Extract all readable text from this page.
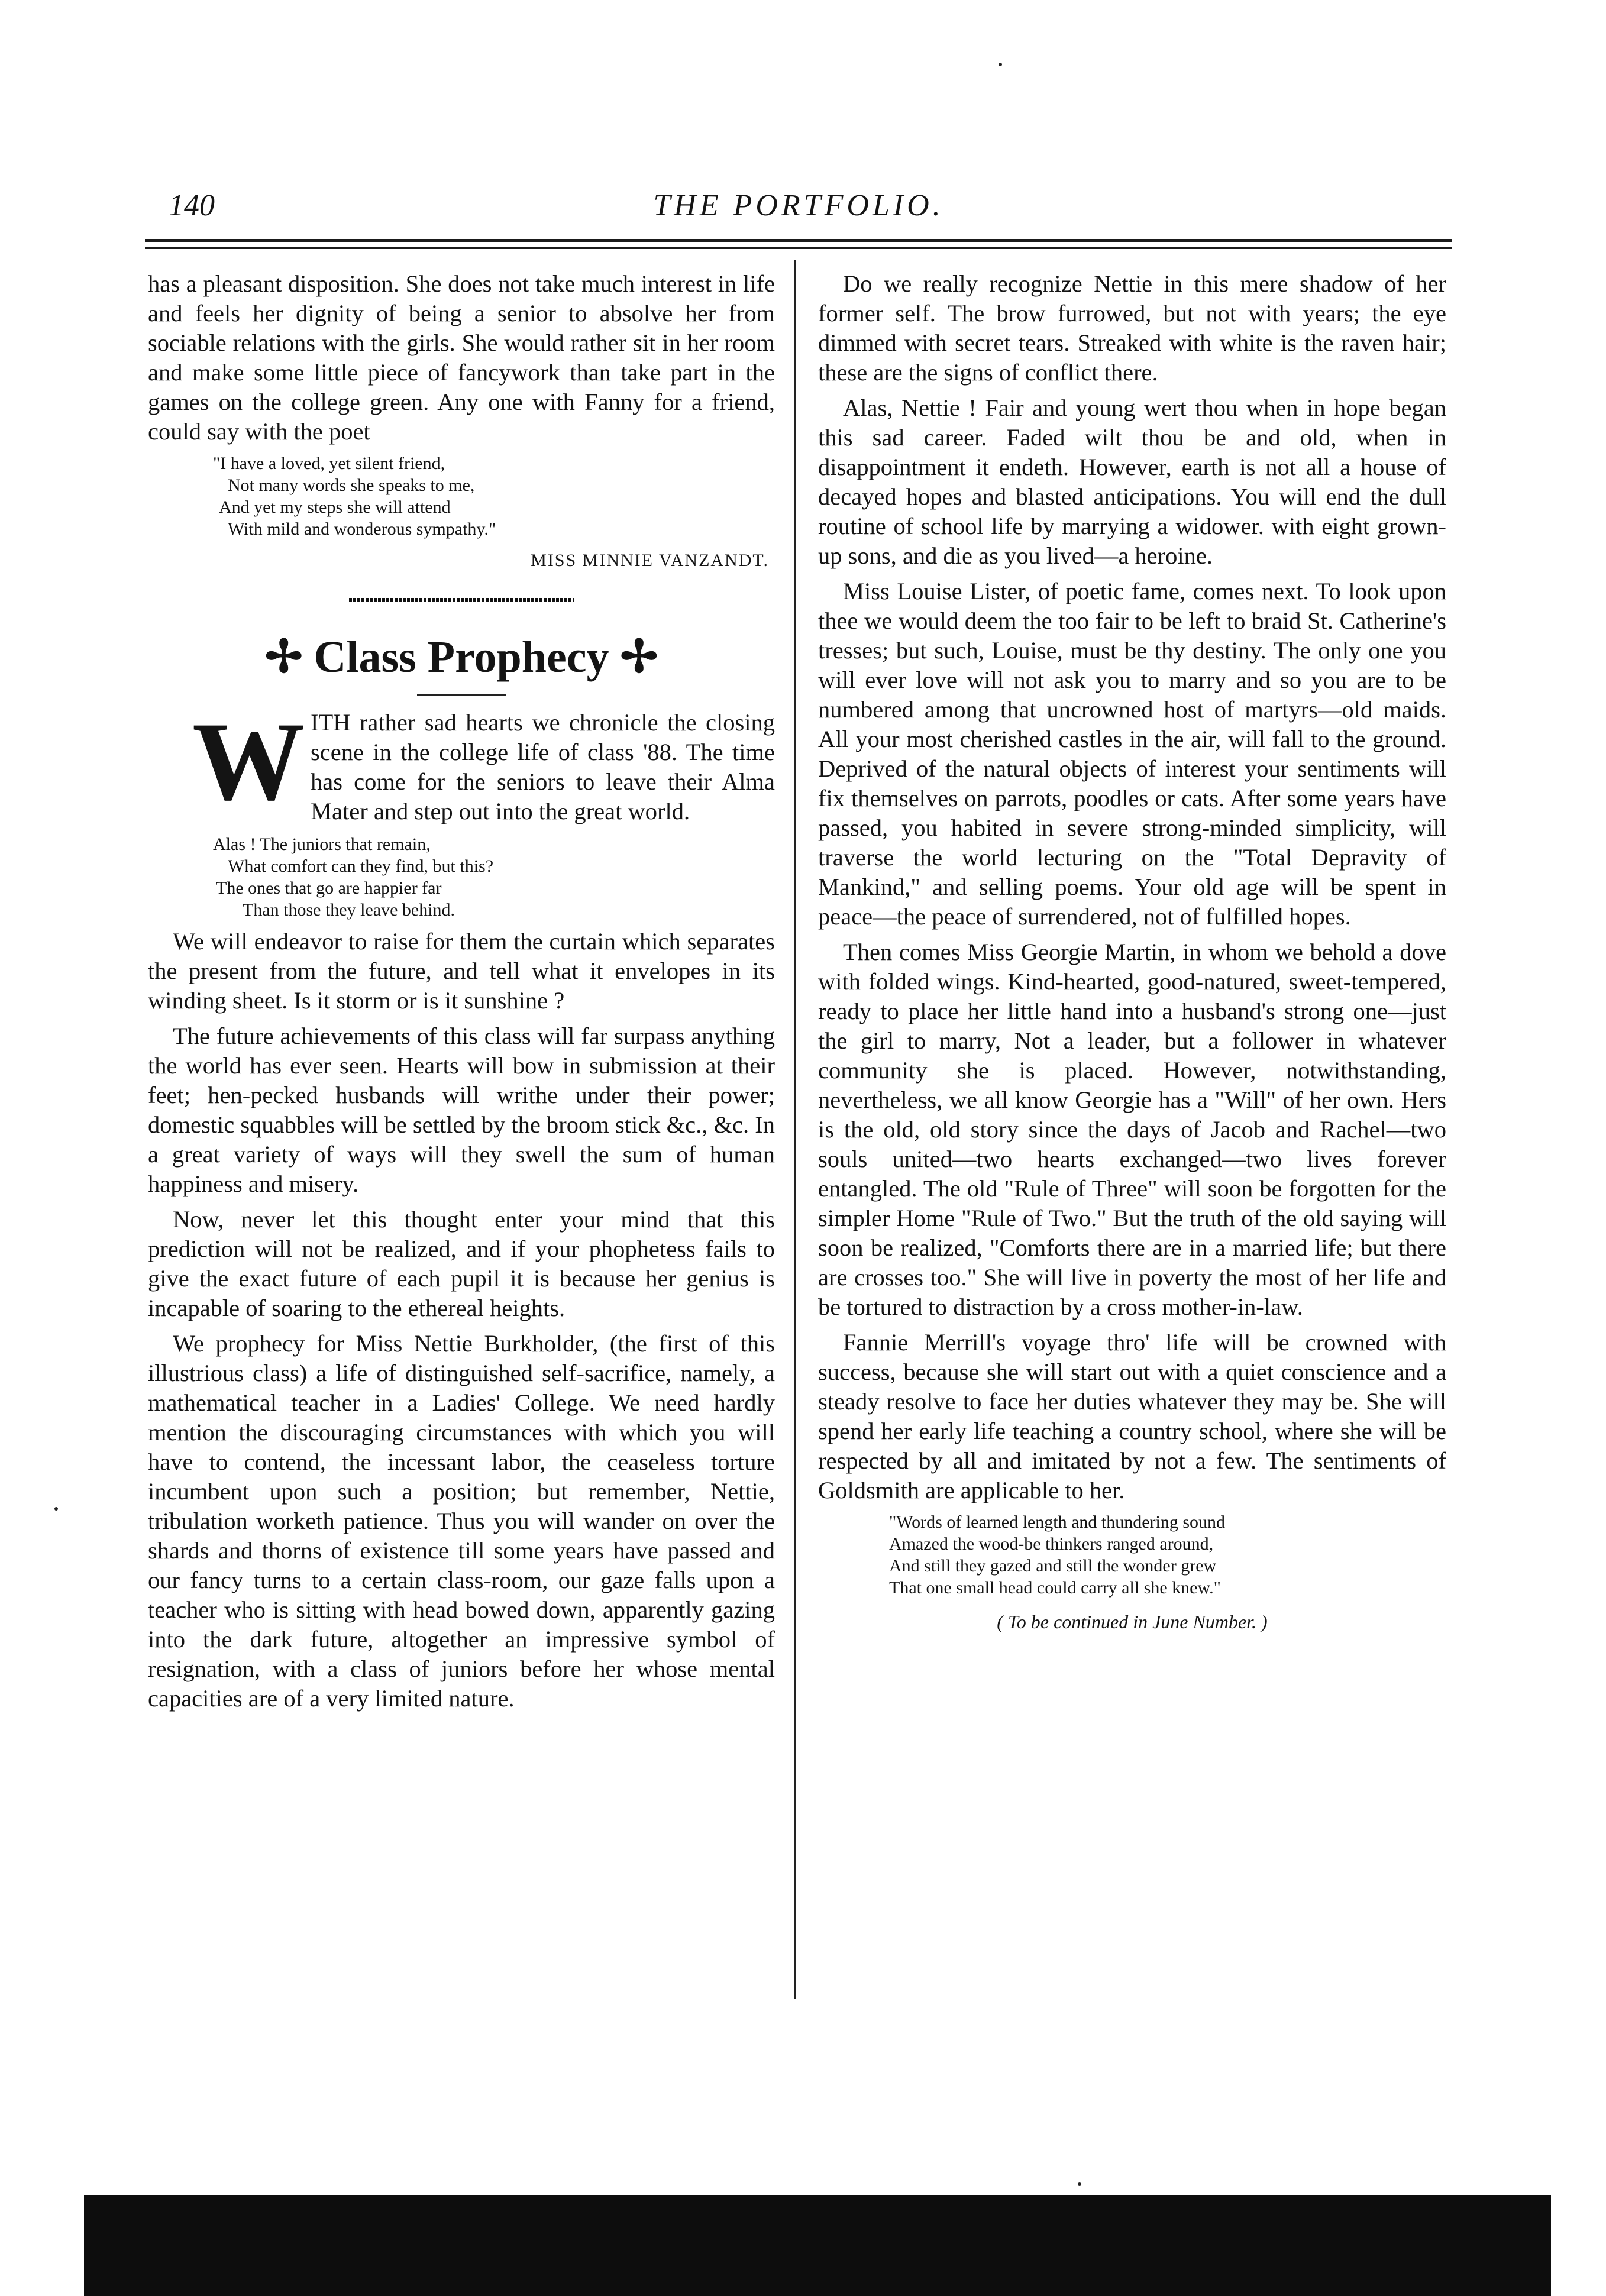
140	THE PORTFOLIO.

has a pleasant disposition. She does not take much interest in life and feels her dignity of being a senior to absolve her from sociable relations with the girls. She would rather sit in her room and make some little piece of fancywork than take part in the games on the college green. Any one with Fanny for a friend, could say with the poet

"I have a loved, yet silent friend,
Not many words she speaks to me,
And yet my steps she will attend
With mild and wonderous sympathy."
MISS MINNIE VANZANDT.
✢ Class Prophecy ✢
W ITH rather sad hearts we chronicle the closing scene in the college life of class '88. The time has come for the seniors to leave their Alma Mater and step out into the great world.

Alas ! The juniors that remain,
What comfort can they find, but this?
The ones that go are happier far
Than those they leave behind.

We will endeavor to raise for them the curtain which separates the present from the future, and tell what it envelopes in its winding sheet. Is it storm or is it sunshine ?

The future achievements of this class will far surpass anything the world has ever seen. Hearts will bow in submission at their feet; hen-pecked husbands will writhe under their power; domestic squabbles will be settled by the broom stick &c., &c. In a great variety of ways will they swell the sum of human happiness and misery.

Now, never let this thought enter your mind that this prediction will not be realized, and if your phophetess fails to give the exact future of each pupil it is because her genius is incapable of soaring to the ethereal heights.

We prophecy for Miss Nettie Burkholder, (the first of this illustrious class) a life of distinguished self-sacrifice, namely, a mathematical teacher in a Ladies' College. We need hardly mention the discouraging circumstances with which you will have to contend, the incessant labor, the ceaseless torture incumbent upon such a position; but remember, Nettie, tribulation worketh patience. Thus you will wander on over the shards and thorns of existence till some years have passed and our fancy turns to a certain class-room, our gaze falls upon a teacher who is sitting with head bowed down, apparently gazing into the dark future, altogether an impressive symbol of resignation, with a class of juniors before her whose mental capacities are of a very limited nature.

Do we really recognize Nettie in this mere shadow of her former self. The brow furrowed, but not with years; the eye dimmed with secret tears. Streaked with white is the raven hair; these are the signs of conflict there.

Alas, Nettie ! Fair and young wert thou when in hope began this sad career. Faded wilt thou be and old, when in disappointment it endeth. However, earth is not all a house of decayed hopes and blasted anticipations. You will end the dull routine of school life by marrying a widower. with eight grown-up sons, and die as you lived—a heroine.

Miss Louise Lister, of poetic fame, comes next. To look upon thee we would deem the too fair to be left to braid St. Catherine's tresses; but such, Louise, must be thy destiny. The only one you will ever love will not ask you to marry and so you are to be numbered among that uncrowned host of martyrs—old maids. All your most cherished castles in the air, will fall to the ground. Deprived of the natural objects of interest your sentiments will fix themselves on parrots, poodles or cats. After some years have passed, you habited in severe strong-minded simplicity, will traverse the world lecturing on the "Total Depravity of Mankind," and selling poems. Your old age will be spent in peace—the peace of surrendered, not of fulfilled hopes.

Then comes Miss Georgie Martin, in whom we behold a dove with folded wings. Kind-hearted, good-natured, sweet-tempered, ready to place her little hand into a husband's strong one—just the girl to marry, Not a leader, but a follower in whatever community she is placed. However, notwithstanding, nevertheless, we all know Georgie has a "Will" of her own. Hers is the old, old story since the days of Jacob and Rachel—two souls united—two hearts exchanged—two lives forever entangled. The old "Rule of Three" will soon be forgotten for the simpler Home "Rule of Two." But the truth of the old saying will soon be realized, "Comforts there are in a married life; but there are crosses too." She will live in poverty the most of her life and be tortured to distraction by a cross mother-in-law.

Fannie Merrill's voyage thro' life will be crowned with success, because she will start out with a quiet conscience and a steady resolve to face her duties whatever they may be. She will spend her early life teaching a country school, where she will be respected by all and imitated by not a few. The sentiments of Goldsmith are applicable to her.

"Words of learned length and thundering sound
Amazed the wood-be thinkers ranged around,
And still they gazed and still the wonder grew
That one small head could carry all she knew."
( To be continued in June Number. )
